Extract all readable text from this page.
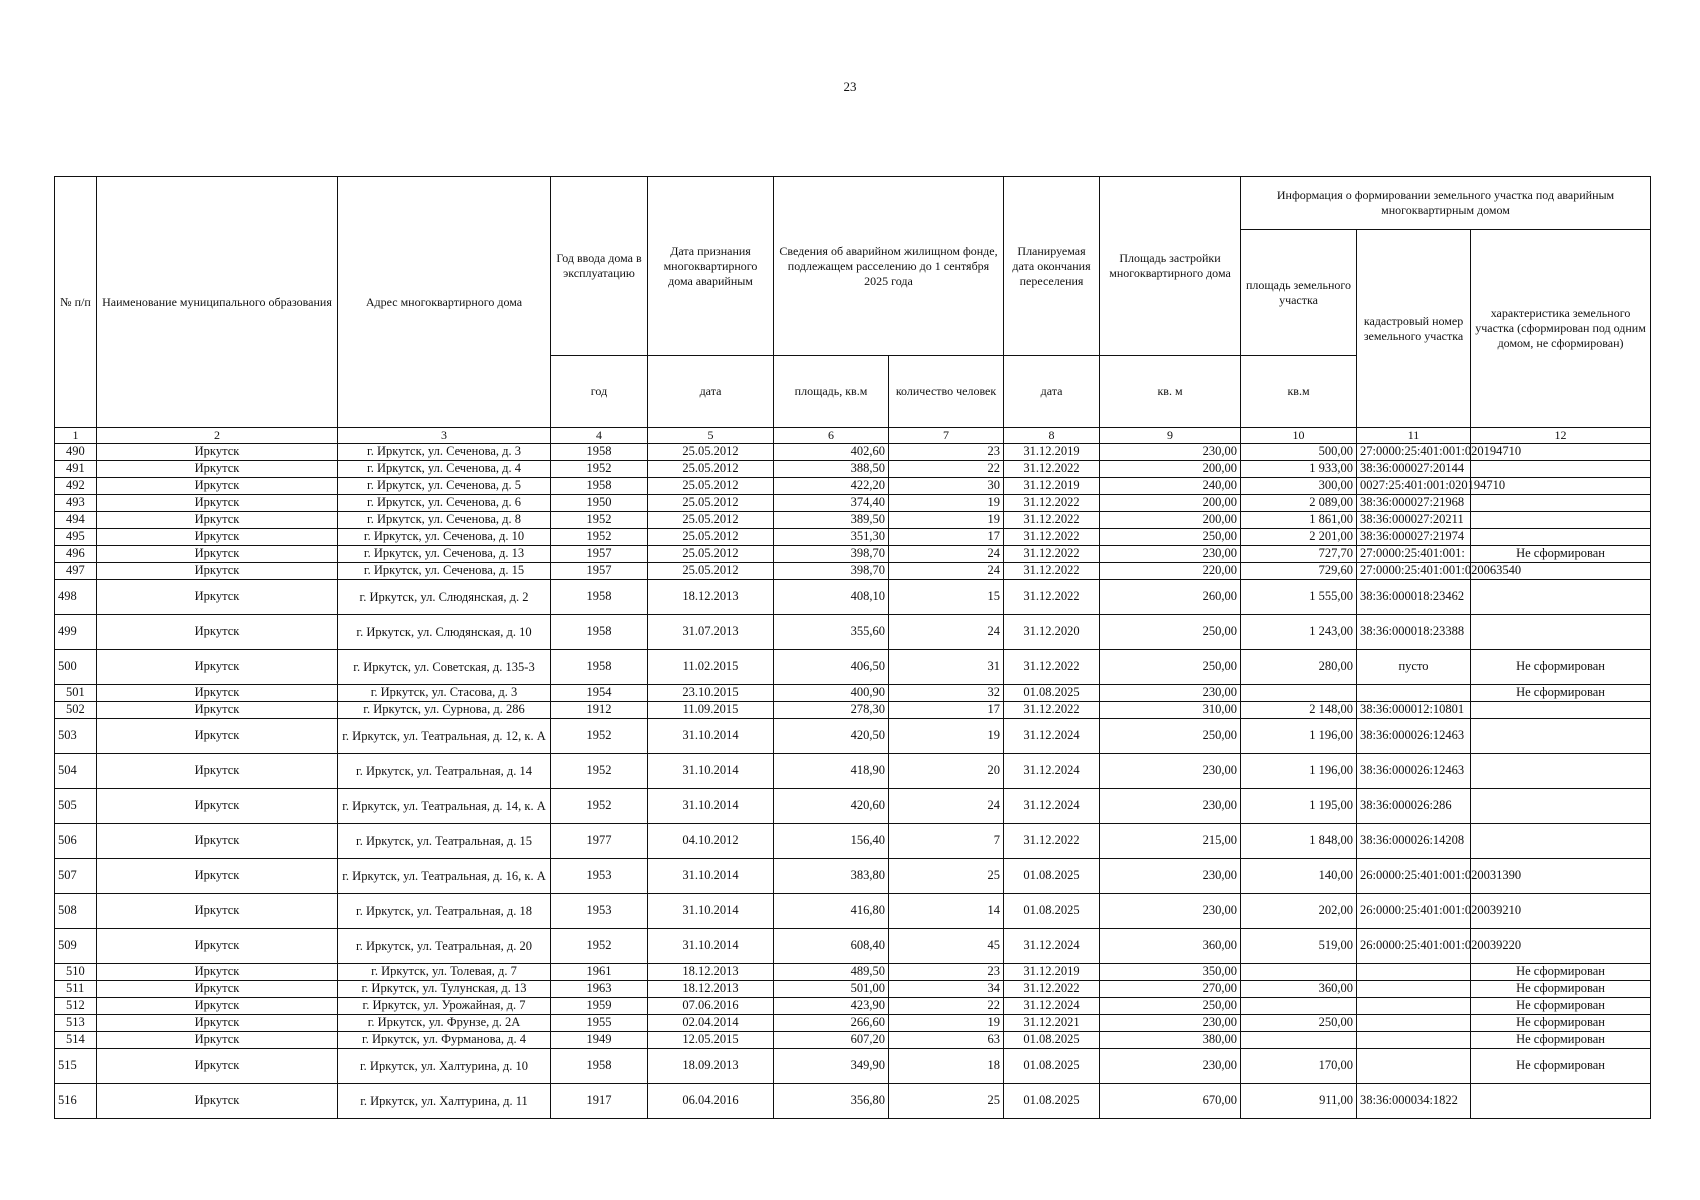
23
№ п/п	Наименование муниципального образования	Адрес многоквартирного дома	Год ввода дома в эксплуатацию	Дата признания многоквартирного дома аварийным	Сведения об аварийном жилищном фонде, подлежащем расселению до 1 сентября 2025 года		Планируемая дата окончания переселения	Площадь застройки многоквартирного дома	Информация о формировании земельного участка под аварийным многоквартирным домом		
									площадь земельного участка	кадастровый номер земельного участка	характеристика земельного участка (сформирован под одним домом, не сформирован)
			год	дата	площадь, кв.м	количество человек	дата	кв. м	кв.м		
1	2	3	4	5	6	7	8	9	10	11	12
490	Иркутск	г. Иркутск, ул. Сеченова, д. 3	1958	25.05.2012	402,60	23	31.12.2019	230,00	500,00	27:0000:25:401:001:020194710	
491	Иркутск	г. Иркутск, ул. Сеченова, д. 4	1952	25.05.2012	388,50	22	31.12.2022	200,00	1 933,00	38:36:000027:20144	
492	Иркутск	г. Иркутск, ул. Сеченова, д. 5	1958	25.05.2012	422,20	30	31.12.2019	240,00	300,00	0027:25:401:001:020194710	
493	Иркутск	г. Иркутск, ул. Сеченова, д. 6	1950	25.05.2012	374,40	19	31.12.2022	200,00	2 089,00	38:36:000027:21968	
494	Иркутск	г. Иркутск, ул. Сеченова, д. 8	1952	25.05.2012	389,50	19	31.12.2022	200,00	1 861,00	38:36:000027:20211	
495	Иркутск	г. Иркутск, ул. Сеченова, д. 10	1952	25.05.2012	351,30	17	31.12.2022	250,00	2 201,00	38:36:000027:21974	
496	Иркутск	г. Иркутск, ул. Сеченова, д. 13	1957	25.05.2012	398,70	24	31.12.2022	230,00	727,70	27:0000:25:401:001:	Не сформирован
497	Иркутск	г. Иркутск, ул. Сеченова, д. 15	1957	25.05.2012	398,70	24	31.12.2022	220,00	729,60	27:0000:25:401:001:020063540	
498	Иркутск	г. Иркутск, ул. Слюдянская, д. 2	1958	18.12.2013	408,10	15	31.12.2022	260,00	1 555,00	38:36:000018:23462	
499	Иркутск	г. Иркутск, ул. Слюдянская, д. 10	1958	31.07.2013	355,60	24	31.12.2020	250,00	1 243,00	38:36:000018:23388	
500	Иркутск	г. Иркутск, ул. Советская, д. 135-3	1958	11.02.2015	406,50	31	31.12.2022	250,00	280,00	пусто	Не сформирован
501	Иркутск	г. Иркутск, ул. Стасова, д. 3	1954	23.10.2015	400,90	32	01.08.2025	230,00			Не сформирован
502	Иркутск	г. Иркутск, ул. Сурнова, д. 286	1912	11.09.2015	278,30	17	31.12.2022	310,00	2 148,00	38:36:000012:10801	
503	Иркутск	г. Иркутск, ул. Театральная, д. 12, к. А	1952	31.10.2014	420,50	19	31.12.2024	250,00	1 196,00	38:36:000026:12463	
504	Иркутск	г. Иркутск, ул. Театральная, д. 14	1952	31.10.2014	418,90	20	31.12.2024	230,00	1 196,00	38:36:000026:12463	
505	Иркутск	г. Иркутск, ул. Театральная, д. 14, к. А	1952	31.10.2014	420,60	24	31.12.2024	230,00	1 195,00	38:36:000026:286	
506	Иркутск	г. Иркутск, ул. Театральная, д. 15	1977	04.10.2012	156,40	7	31.12.2022	215,00	1 848,00	38:36:000026:14208	
507	Иркутск	г. Иркутск, ул. Театральная, д. 16, к. А	1953	31.10.2014	383,80	25	01.08.2025	230,00	140,00	26:0000:25:401:001:020031390	
508	Иркутск	г. Иркутск, ул. Театральная, д. 18	1953	31.10.2014	416,80	14	01.08.2025	230,00	202,00	26:0000:25:401:001:020039210	
509	Иркутск	г. Иркутск, ул. Театральная, д. 20	1952	31.10.2014	608,40	45	31.12.2024	360,00	519,00	26:0000:25:401:001:020039220	
510	Иркутск	г. Иркутск, ул. Толевая, д. 7	1961	18.12.2013	489,50	23	31.12.2019	350,00			Не сформирован
511	Иркутск	г. Иркутск, ул. Тулунская, д. 13	1963	18.12.2013	501,00	34	31.12.2022	270,00	360,00		Не сформирован
512	Иркутск	г. Иркутск, ул. Урожайная, д. 7	1959	07.06.2016	423,90	22	31.12.2024	250,00			Не сформирован
513	Иркутск	г. Иркутск, ул. Фрунзе, д. 2А	1955	02.04.2014	266,60	19	31.12.2021	230,00	250,00		Не сформирован
514	Иркутск	г. Иркутск, ул. Фурманова, д. 4	1949	12.05.2015	607,20	63	01.08.2025	380,00			Не сформирован
515	Иркутск	г. Иркутск, ул. Халтурина, д. 10	1958	18.09.2013	349,90	18	01.08.2025	230,00	170,00		Не сформирован
516	Иркутск	г. Иркутск, ул. Халтурина, д. 11	1917	06.04.2016	356,80	25	01.08.2025	670,00	911,00	38:36:000034:1822	
